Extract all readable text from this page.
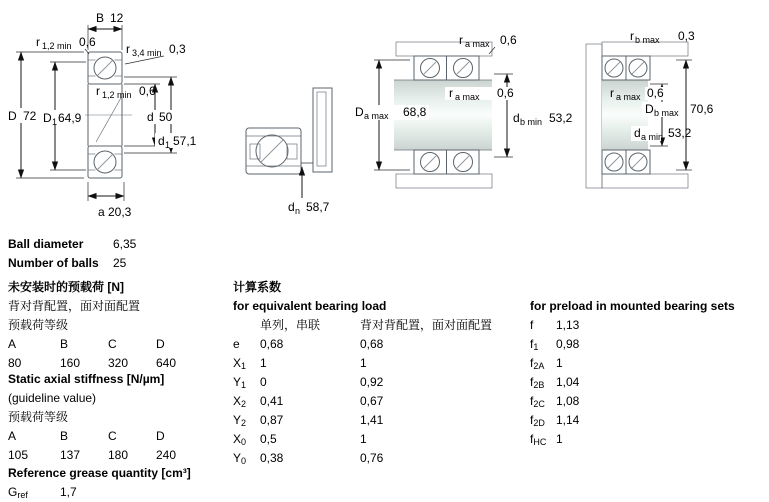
B 12
r 1,2 min 0,6	r 3,4 min 0,3
D 72 D 1 64,9
r 1,2 min 0,6
d 50
d 1 57,1
a 20,3	d n 58,7
r a max 0,6
D a max 68,8
r a max 0,6
d b min 53,2
r b max 0,3
r a max 0,6
D b max 70,6
d a min 53,2
Ball diameter	6,35
Number of balls	25
未安装时的预载荷 [N]
背对背配置，面对面配置
预载荷等级
A	B	C	D
80	160	320	640
Static axial stiffness [N/µm]
(guideline value)
预载荷等级
A	B	C	D
105	137	180	240
Reference grease quantity [cm³]
$G_{ref}$	1,7
计算系数
for equivalent bearing load
单列，串联	背对背配置，面对面配置
e	0,68	0,68
$X_1$	1	1
$Y_1$	0	0,92
$X_2$	0,41	0,67
$Y_2$	0,87	1,41
$X_0$	0,5	1
$Y_0$	0,38	0,76
for preload in mounted bearing sets
f	1,13
$f_1$	0,98
$f_{2A}$ 1
$f_{2B}$ 1,04
$f_{2C}$ 1,08
$f_{2D}$ 1,14
$f_{HC}$ 1
